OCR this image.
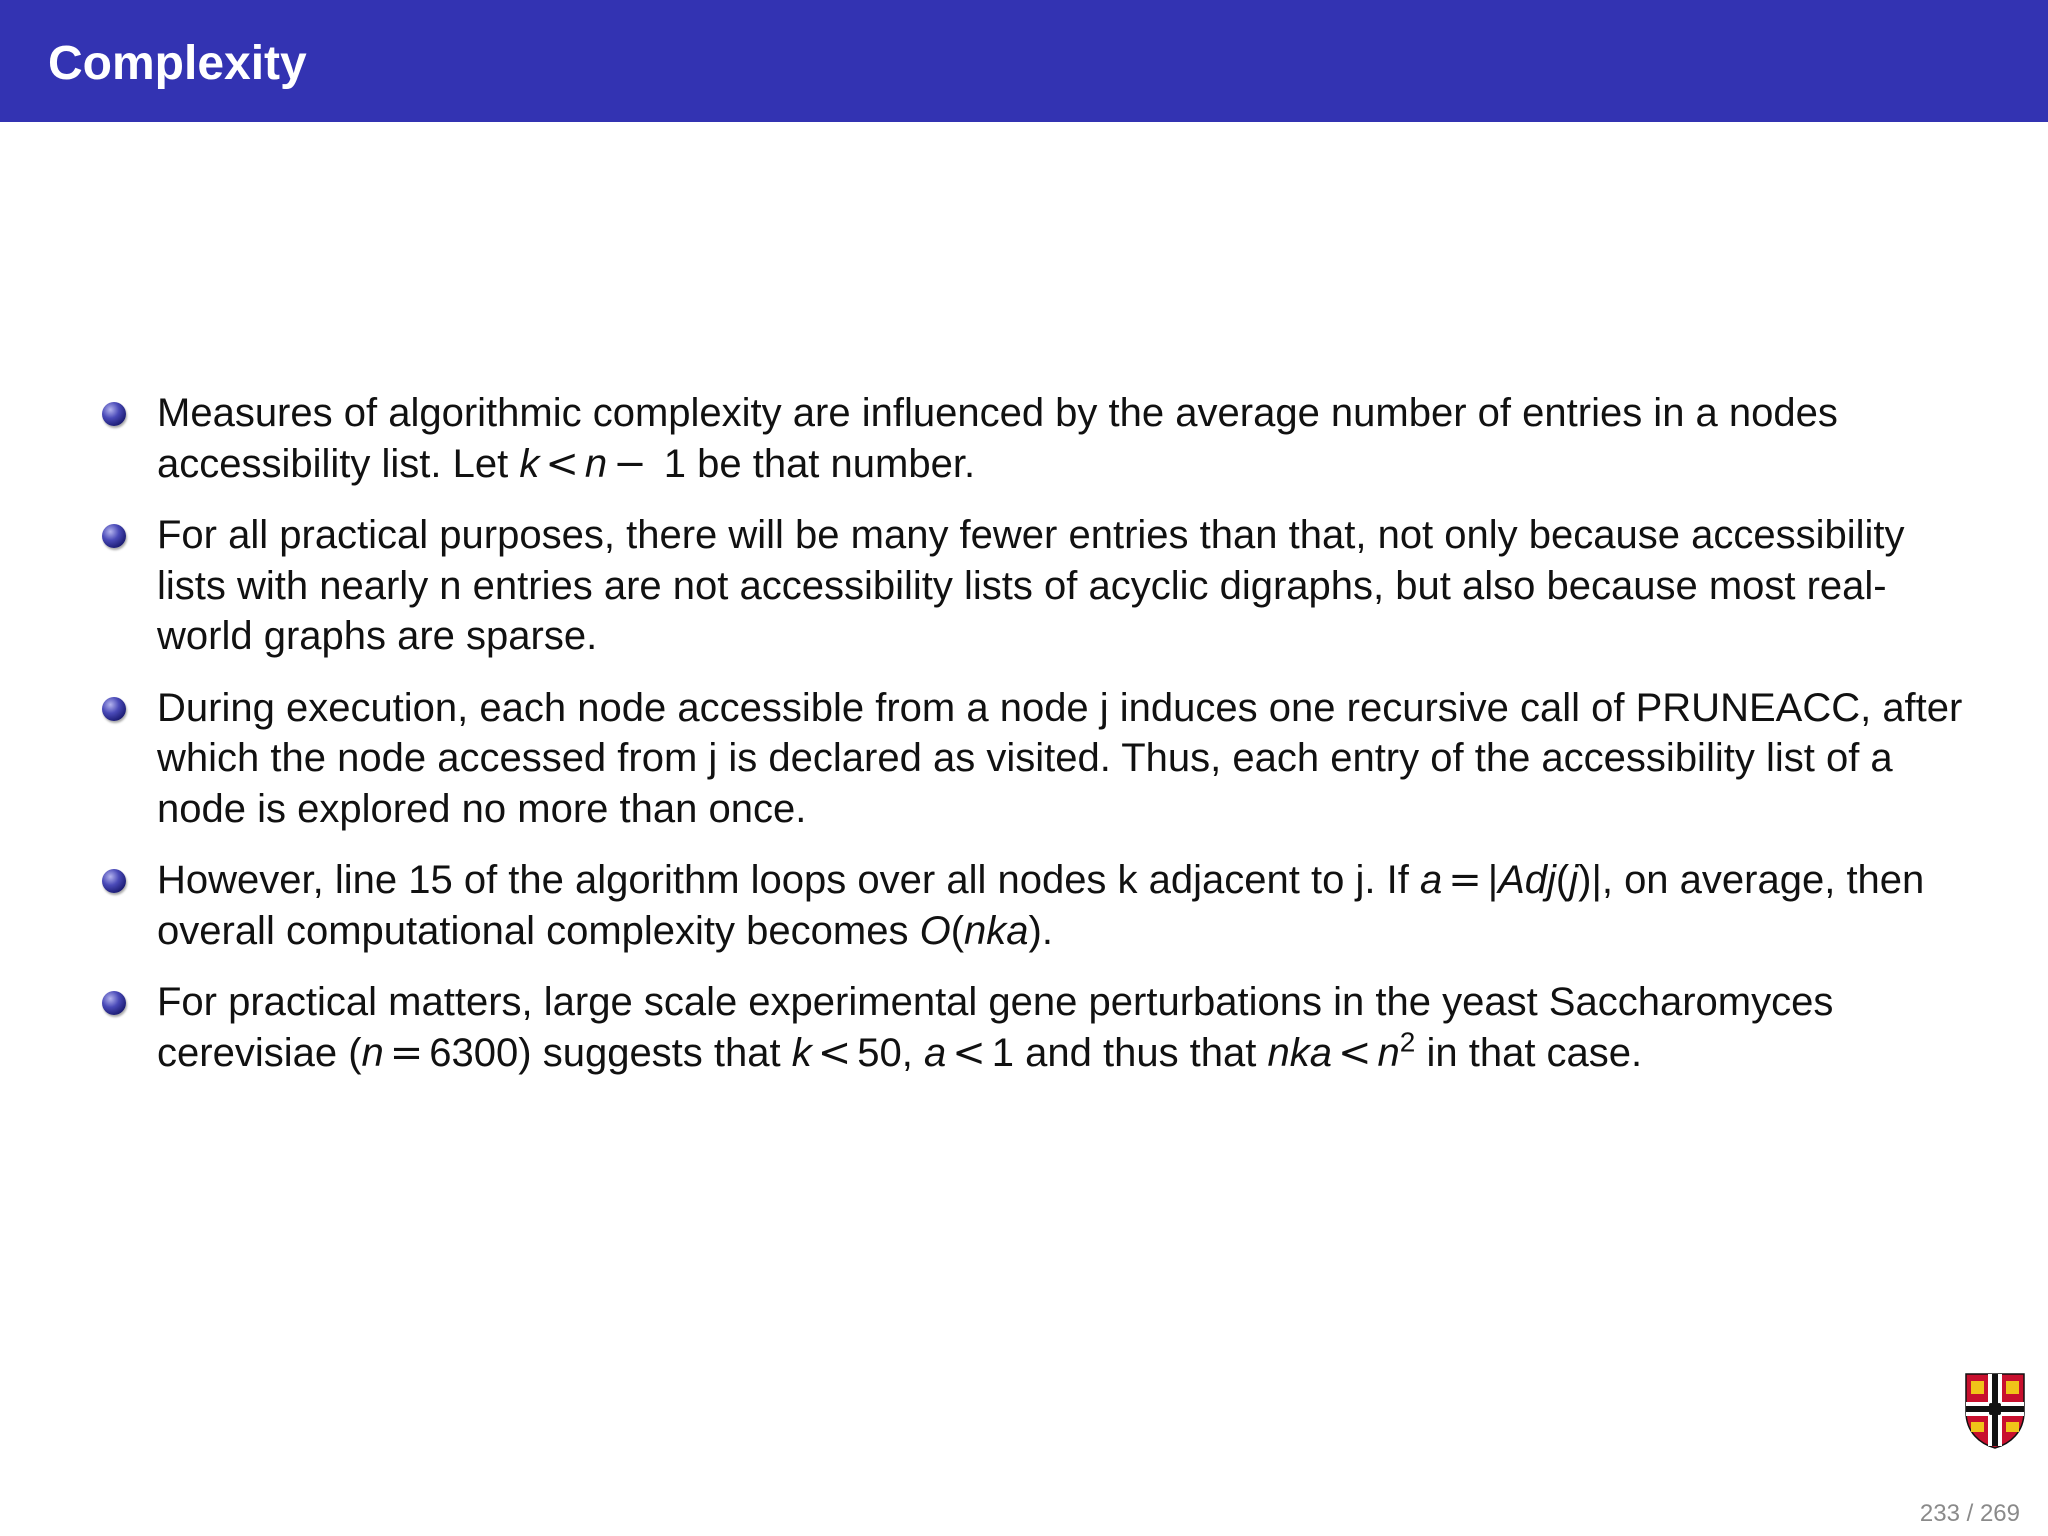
Complexity
Measures of algorithmic complexity are influenced by the average number of entries in a nodes accessibility list. Let k < n − 1 be that number.
For all practical purposes, there will be many fewer entries than that, not only because accessibility lists with nearly n entries are not accessibility lists of acyclic digraphs, but also because most real-world graphs are sparse.
During execution, each node accessible from a node j induces one recursive call of PRUNEACC, after which the node accessed from j is declared as visited. Thus, each entry of the accessibility list of a node is explored no more than once.
However, line 15 of the algorithm loops over all nodes k adjacent to j. If a = |Adj(j)|, on average, then overall computational complexity becomes O(nka).
For practical matters, large scale experimental gene perturbations in the yeast Saccharomyces cerevisiae (n = 6300) suggests that k < 50, a < 1 and thus that nka < $n^2$ in that case.
233 / 269
